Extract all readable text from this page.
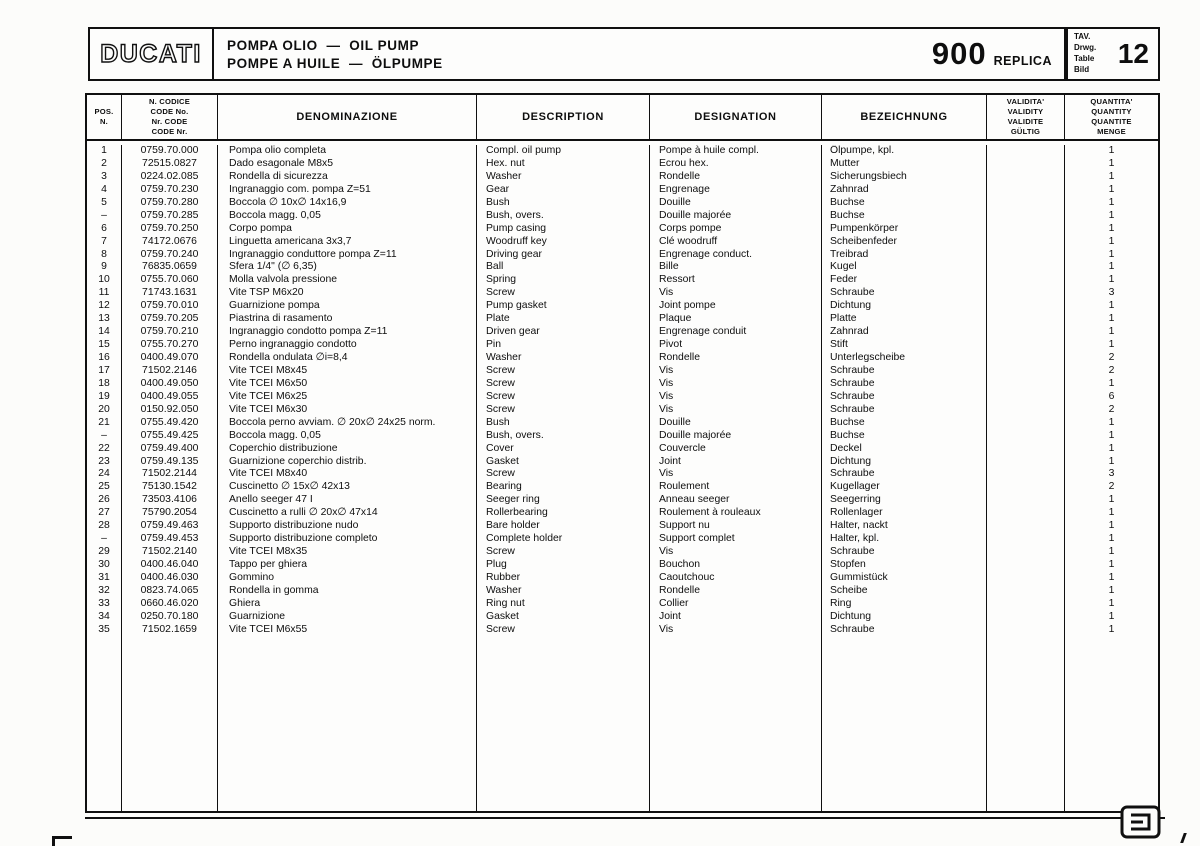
DUCATI POMPA OLIO  —  OIL PUMP
POMPE A HUILE  —  ÖLPUMPE	900 REPLICA
TAV.
Drwg.
Table
Bild
12
POS.
N.
N. CODICE
CODE No.
Nr. CODE
CODE Nr.
DENOMINAZIONE	DESCRIPTION	DESIGNATION	BEZEICHNUNG
VALIDITA'
VALIDITY
VALIDITE
GÜLTIG
QUANTITA'
QUANTITY
QUANTITE
MENGE
1	0759.70.000	Pompa olio completa	Compl. oil pump	Pompe à huile compl.	Ölpumpe, kpl.	1
2	72515.0827	Dado esagonale M8x5	Hex. nut	Ecrou hex.	Mutter	1
3	0224.02.085	Rondella di sicurezza	Washer	Rondelle	Sicherungsbiech	1
4	0759.70.230	Ingranaggio com. pompa Z=51	Gear	Engrenage	Zahnrad	1
5	0759.70.280	Boccola ∅ 10x∅ 14x16,9	Bush	Douille	Buchse	1
–	0759.70.285	Boccola magg. 0,05	Bush, overs.	Douille majorée	Buchse	1
6	0759.70.250	Corpo pompa	Pump casing	Corps pompe	Pumpenkörper	1
7	74172.0676	Linguetta americana 3x3,7	Woodruff key	Clé woodruff	Scheibenfeder	1
8	0759.70.240	Ingranaggio conduttore pompa Z=11	Driving gear	Engrenage conduct.	Treibrad	1
9	76835.0659	Sfera 1/4" (∅ 6,35)	Ball	Bille	Kugel	1
10	0755.70.060	Molla valvola pressione	Spring	Ressort	Feder	1
11	71743.1631	Vite TSP M6x20	Screw	Vis	Schraube	3
12	0759.70.010	Guarnizione pompa	Pump gasket	Joint pompe	Dichtung	1
13	0759.70.205	Piastrina di rasamento	Plate	Plaque	Platte	1
14	0759.70.210	Ingranaggio condotto pompa Z=11	Driven gear	Engrenage conduit	Zahnrad	1
15	0755.70.270	Perno ingranaggio condotto	Pin	Pivot	Stift	1
16	0400.49.070	Rondella ondulata ∅i=8,4	Washer	Rondelle	Unterlegscheibe	2
17	71502.2146	Vite TCEI M8x45	Screw	Vis	Schraube	2
18	0400.49.050	Vite TCEI M6x50	Screw	Vis	Schraube	1
19	0400.49.055	Vite TCEI M6x25	Screw	Vis	Schraube	6
20	0150.92.050	Vite TCEI M6x30	Screw	Vis	Schraube	2
21	0755.49.420	Boccola perno avviam. ∅ 20x∅ 24x25 norm.	Bush	Douille	Buchse	1
–	0755.49.425	Boccola magg. 0,05	Bush, overs.	Douille majorée	Buchse	1
22	0759.49.400	Coperchio distribuzione	Cover	Couvercle	Deckel	1
23	0759.49.135	Guarnizione coperchio distrib.	Gasket	Joint	Dichtung	1
24	71502.2144	Vite TCEI M8x40	Screw	Vis	Schraube	3
25	75130.1542	Cuscinetto ∅ 15x∅ 42x13	Bearing	Roulement	Kugellager	2
26	73503.4106	Anello seeger 47 I	Seeger ring	Anneau seeger	Seegerring	1
27	75790.2054	Cuscinetto a rulli ∅ 20x∅ 47x14	Rollerbearing	Roulement à rouleaux	Rollenlager	1
28	0759.49.463	Supporto distribuzione nudo	Bare holder	Support nu	Halter, nackt	1
–	0759.49.453	Supporto distribuzione completo	Complete holder	Support complet	Halter, kpl.	1
29	71502.2140	Vite TCEI M8x35	Screw	Vis	Schraube	1
30	0400.46.040	Tappo per ghiera	Plug	Bouchon	Stopfen	1
31	0400.46.030	Gommino	Rubber	Caoutchouc	Gummistück	1
32	0823.74.065	Rondella in gomma	Washer	Rondelle	Scheibe	1
33	0660.46.020	Ghiera	Ring nut	Collier	Ring	1
34	0250.70.180	Guarnizione	Gasket	Joint	Dichtung	1
35	71502.1659	Vite TCEI M6x55	Screw	Vis	Schraube	1
